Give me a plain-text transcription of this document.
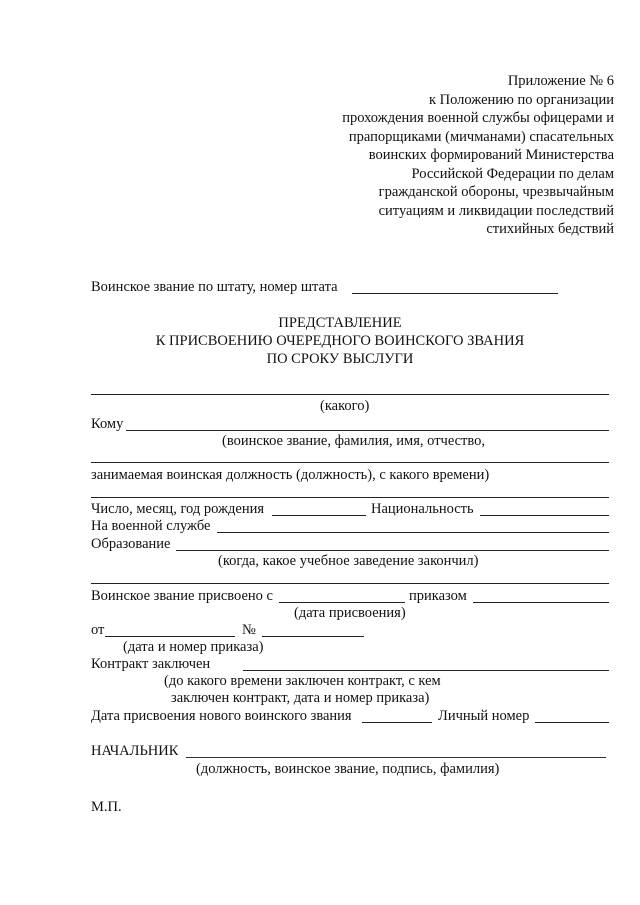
Приложение № 6
к Положению по организации
прохождения военной службы офицерами и
прапорщиками (мичманами) спасательных
воинских формирований Министерства
Российской Федерации по делам
гражданской обороны, чрезвычайным
ситуациям и ликвидации последствий
стихийных бедствий
Воинское звание по штату, номер штата
ПРЕДСТАВЛЕНИЕ
К ПРИСВОЕНИЮ ОЧЕРЕДНОГО ВОИНСКОГО ЗВАНИЯ
ПО СРОКУ ВЫСЛУГИ
(какого)
Кому
(воинское звание, фамилия, имя, отчество,
занимаемая воинская должность (должность), с какого времени)
Число, месяц, год рождения	Национальность
На военной службе
Образование
(когда, какое учебное заведение закончил)
Воинское звание присвоено с	приказом
(дата присвоения)
от	№
(дата и номер приказа)
Контракт заключен
(до какого времени заключен контракт, с кем
заключен контракт, дата и номер приказа)
Дата присвоения нового воинского звания	Личный номер
НАЧАЛЬНИК
(должность, воинское звание, подпись, фамилия)
М.П.
